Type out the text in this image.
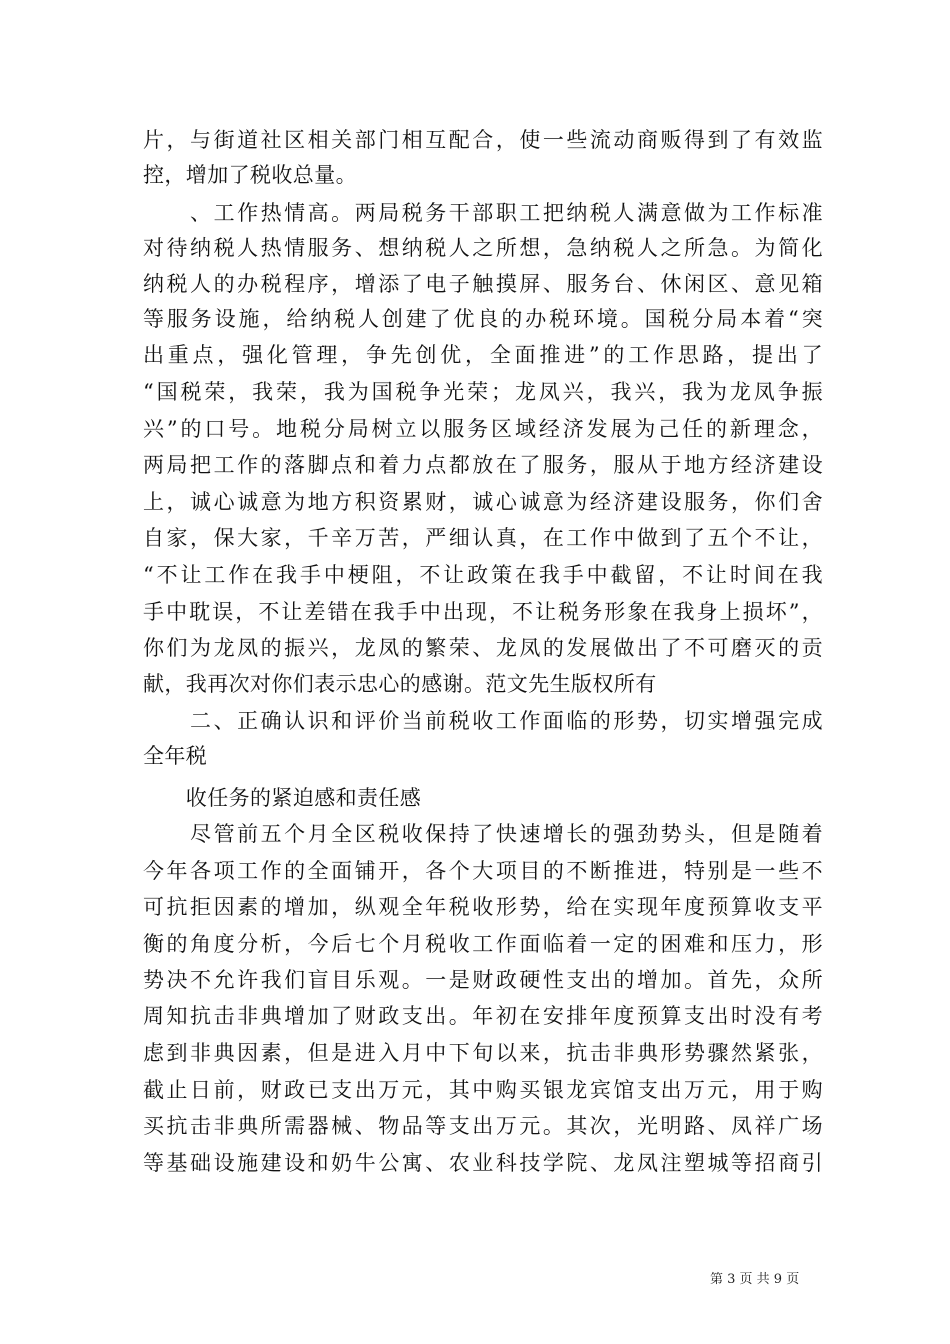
片，与街道社区相关部门相互配合，使一些流动商贩得到了有效监
控，增加了税收总量。
　　、工作热情高。两局税务干部职工把纳税人满意做为工作标准
对待纳税人热情服务、想纳税人之所想，急纳税人之所急。为简化
纳税人的办税程序，增添了电子触摸屏、服务台、休闲区、意见箱
等服务设施，给纳税人创建了优良的办税环境。国税分局本着“突
出重点，强化管理，争先创优，全面推进”的工作思路，提出了
“国税荣，我荣，我为国税争光荣；龙凤兴，我兴，我为龙凤争振
兴”的口号。地税分局树立以服务区域经济发展为己任的新理念，
两局把工作的落脚点和着力点都放在了服务，服从于地方经济建设
上，诚心诚意为地方积资累财，诚心诚意为经济建设服务，你们舍
自家，保大家，千辛万苦，严细认真，在工作中做到了五个不让，
“不让工作在我手中梗阻，不让政策在我手中截留，不让时间在我
手中耽误，不让差错在我手中出现，不让税务形象在我身上损坏”，
你们为龙凤的振兴，龙凤的繁荣、龙凤的发展做出了不可磨灭的贡
献，我再次对你们表示忠心的感谢。范文先生版权所有
　　二、正确认识和评价当前税收工作面临的形势，切实增强完成
全年税
　　收任务的紧迫感和责任感
　　尽管前五个月全区税收保持了快速增长的强劲势头，但是随着
今年各项工作的全面铺开，各个大项目的不断推进，特别是一些不
可抗拒因素的增加，纵观全年税收形势，给在实现年度预算收支平
衡的角度分析，今后七个月税收工作面临着一定的困难和压力，形
势决不允许我们盲目乐观。一是财政硬性支出的增加。首先，众所
周知抗击非典增加了财政支出。年初在安排年度预算支出时没有考
虑到非典因素，但是进入月中下旬以来，抗击非典形势骤然紧张，
截止日前，财政已支出万元，其中购买银龙宾馆支出万元，用于购
买抗击非典所需器械、物品等支出万元。其次，光明路、凤祥广场
等基础设施建设和奶牛公寓、农业科技学院、龙凤注塑城等招商引
第 3 页 共 9 页
